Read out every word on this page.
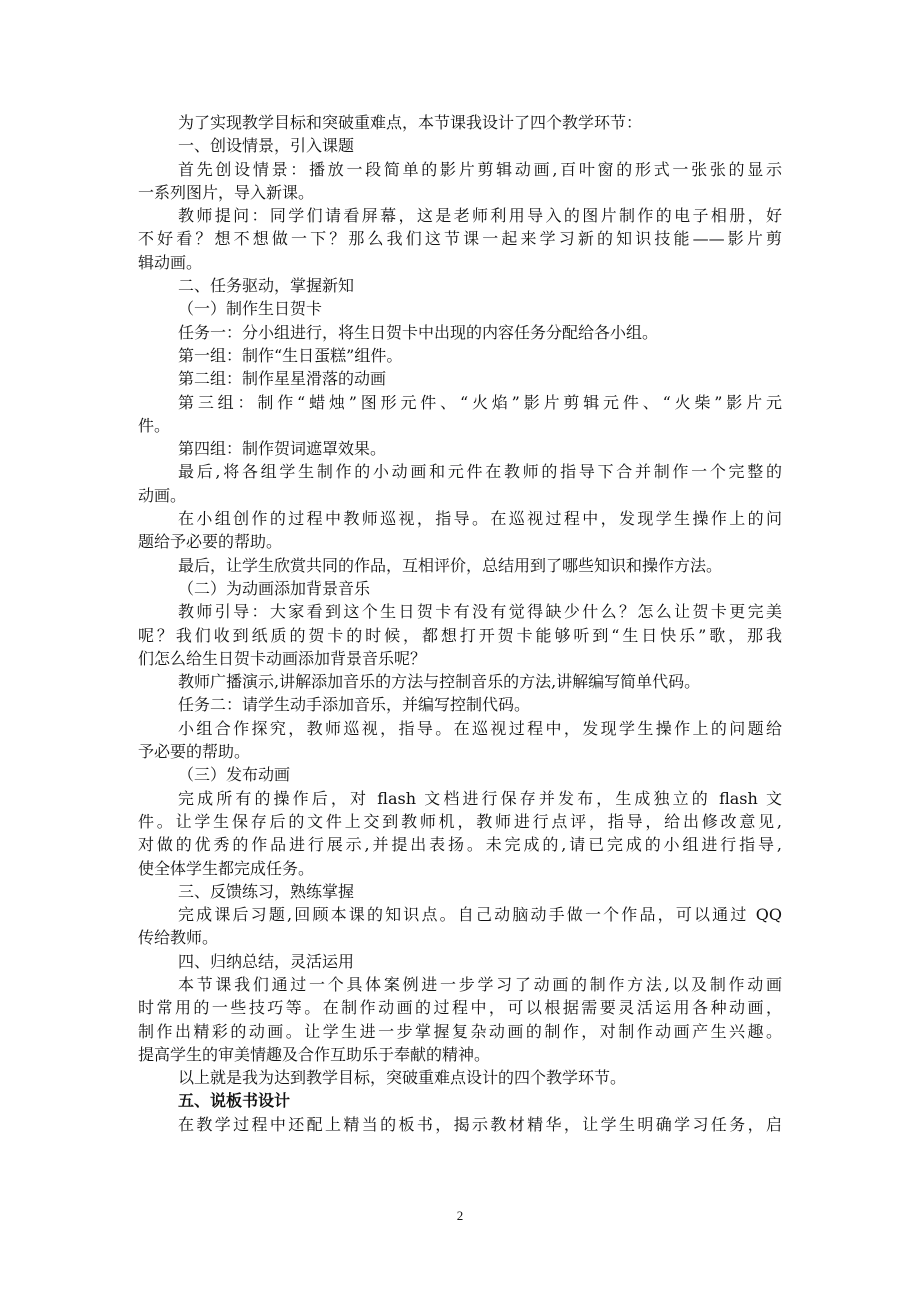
为了实现教学目标和突破重难点，本节课我设计了四个教学环节：
一、创设情景，引入课题
首先创设情景：播放一段简单的影片剪辑动画,百叶窗的形式一张张的显示
一系列图片，导入新课。
教师提问：同学们请看屏幕，这是老师利用导入的图片制作的电子相册，好
不好看？想不想做一下？那么我们这节课一起来学习新的知识技能——影片剪
辑动画。
二、任务驱动，掌握新知
（一）制作生日贺卡
任务一：分小组进行，将生日贺卡中出现的内容任务分配给各小组。
第一组：制作“生日蛋糕”组件。
第二组：制作星星滑落的动画
第三组：制作“蜡烛”图形元件、“火焰”影片剪辑元件、“火柴”影片元
件。
第四组：制作贺词遮罩效果。
最后,将各组学生制作的小动画和元件在教师的指导下合并制作一个完整的
动画。
在小组创作的过程中教师巡视，指导。在巡视过程中，发现学生操作上的问
题给予必要的帮助。
最后，让学生欣赏共同的作品，互相评价，总结用到了哪些知识和操作方法。
（二）为动画添加背景音乐
教师引导：大家看到这个生日贺卡有没有觉得缺少什么？怎么让贺卡更完美
呢？我们收到纸质的贺卡的时候，都想打开贺卡能够听到“生日快乐”歌，那我
们怎么给生日贺卡动画添加背景音乐呢？
教师广播演示,讲解添加音乐的方法与控制音乐的方法,讲解编写简单代码。
任务二：请学生动手添加音乐，并编写控制代码。
小组合作探究，教师巡视，指导。在巡视过程中，发现学生操作上的问题给
予必要的帮助。
（三）发布动画
完成所有的操作后，对 flash 文档进行保存并发布，生成独立的 flash 文
件。让学生保存后的文件上交到教师机，教师进行点评，指导，给出修改意见,
对做的优秀的作品进行展示,并提出表扬。未完成的,请已完成的小组进行指导,
使全体学生都完成任务。
三、反馈练习，熟练掌握
完成课后习题,回顾本课的知识点。自己动脑动手做一个作品，可以通过 QQ
传给教师。
四、归纳总结，灵活运用
本节课我们通过一个具体案例进一步学习了动画的制作方法,以及制作动画
时常用的一些技巧等。在制作动画的过程中，可以根据需要灵活运用各种动画，
制作出精彩的动画。让学生进一步掌握复杂动画的制作，对制作动画产生兴趣。
提高学生的审美情趣及合作互助乐于奉献的精神。
以上就是我为达到教学目标，突破重难点设计的四个教学环节。
五、说板书设计
在教学过程中还配上精当的板书，揭示教材精华，让学生明确学习任务，启
2
